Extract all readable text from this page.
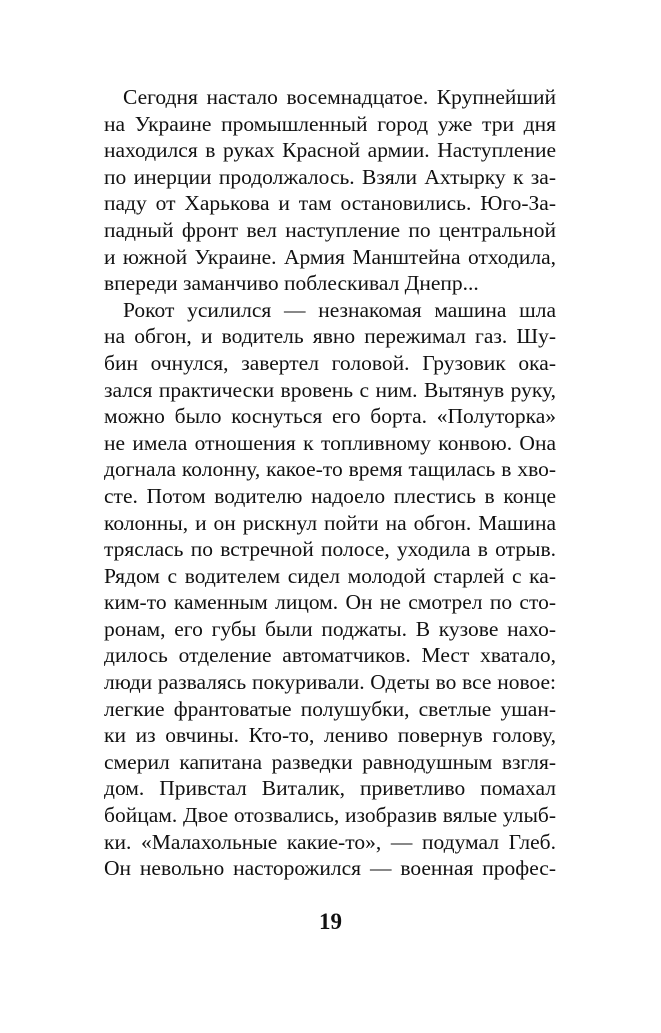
Сегодня настало восемнадцатое. Крупнейший
на Украине промышленный город уже три дня
находился в руках Красной армии. Наступление
по инерции продолжалось. Взяли Ахтырку к за-
паду от Харькова и там остановились. Юго-За-
падный фронт вел наступление по центральной
и южной Украине. Армия Манштейна отходила,
впереди заманчиво поблескивал Днепр...
Рокот усилился — незнакомая машина шла
на обгон, и водитель явно пережимал газ. Шу-
бин очнулся, завертел головой. Грузовик ока-
зался практически вровень с ним. Вытянув руку,
можно было коснуться его борта. «Полуторка»
не имела отношения к топливному конвою. Она
догнала колонну, какое-то время тащилась в хво-
сте. Потом водителю надоело плестись в конце
колонны, и он рискнул пойти на обгон. Машина
тряслась по встречной полосе, уходила в отрыв.
Рядом с водителем сидел молодой старлей с ка-
ким-то каменным лицом. Он не смотрел по сто-
ронам, его губы были поджаты. В кузове нахо-
дилось отделение автоматчиков. Мест хватало,
люди развалясь покуривали. Одеты во все новое:
легкие франтоватые полушубки, светлые ушан-
ки из овчины. Кто-то, лениво повернув голову,
смерил капитана разведки равнодушным взгля-
дом. Привстал Виталик, приветливо помахал
бойцам. Двое отозвались, изобразив вялые улыб-
ки. «Малахольные какие-то», — подумал Глеб.
Он невольно насторожился — военная профес-
19
